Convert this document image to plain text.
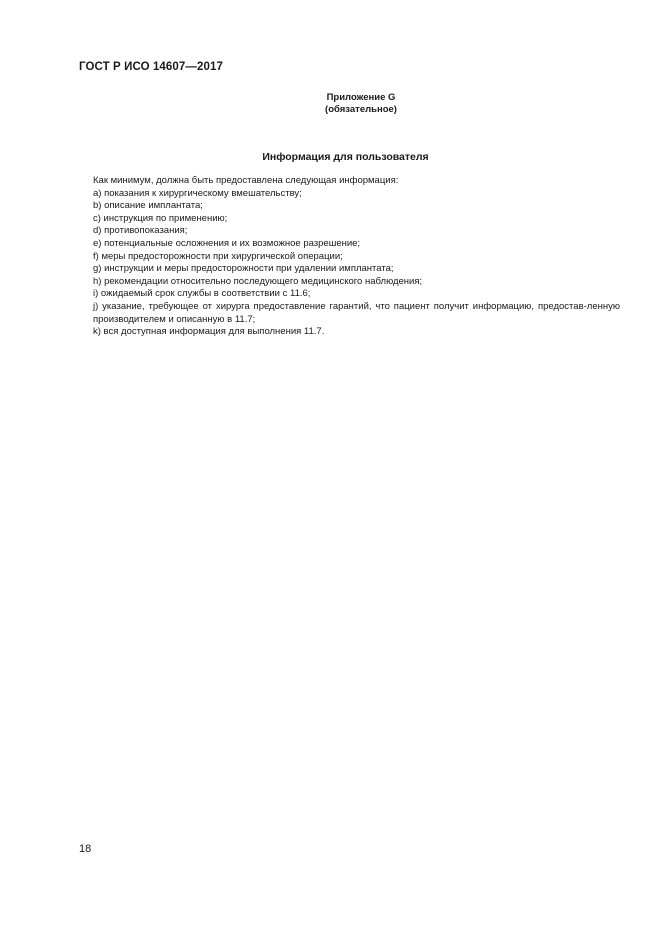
ГОСТ Р ИСО 14607—2017
Приложение G
(обязательное)
Информация для пользователя

Как минимум, должна быть предоставлена следующая информация:

a) показания к хирургическому вмешательству;

b) описание имплантата;

c) инструкция по применению;

d) противопоказания;

e) потенциальные осложнения и их возможное разрешение;

f) меры предосторожности при хирургической операции;

g) инструкции и меры предосторожности при удалении имплантата;

h) рекомендации относительно последующего медицинского наблюдения;

i) ожидаемый срок службы в соответствии с 11.6;

j) указание, требующее от хирурга предоставление гарантий, что пациент получит информацию, предостав-ленную производителем и описанную в 11.7;

k) вся доступная информация для выполнения 11.7.

18
